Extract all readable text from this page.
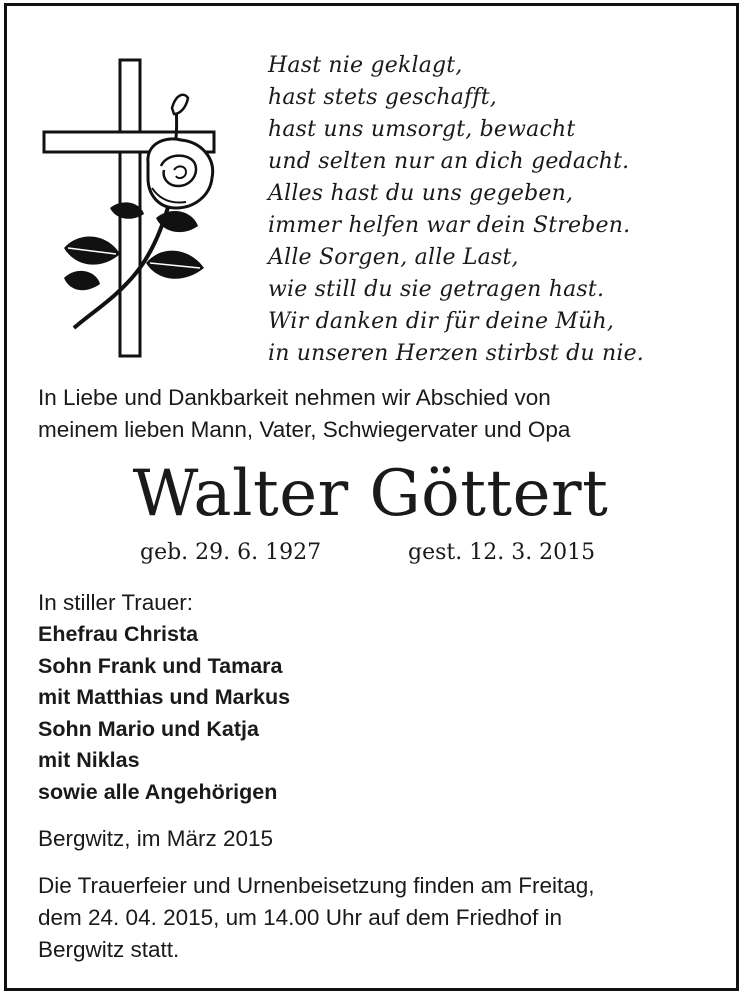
Hast nie geklagt,
hast stets geschafft,
hast uns umsorgt, bewacht
und selten nur an dich gedacht.
Alles hast du uns gegeben,
immer helfen war dein Streben.
Alle Sorgen, alle Last,
wie still du sie getragen hast.
Wir danken dir für deine Müh,
in unseren Herzen stirbst du nie.
In Liebe und Dankbarkeit nehmen wir Abschied von
meinem lieben Mann, Vater, Schwiegervater und Opa
Walter Göttert
geb. 29. 6. 1927	gest. 12. 3. 2015
In stiller Trauer:
Ehefrau Christa
Sohn Frank und Tamara
mit Matthias und Markus
Sohn Mario und Katja
mit Niklas
sowie alle Angehörigen
Bergwitz, im März 2015
Die Trauerfeier und Urnenbeisetzung finden am Freitag,
dem 24. 04. 2015, um 14.00 Uhr auf dem Friedhof in
Bergwitz statt.
